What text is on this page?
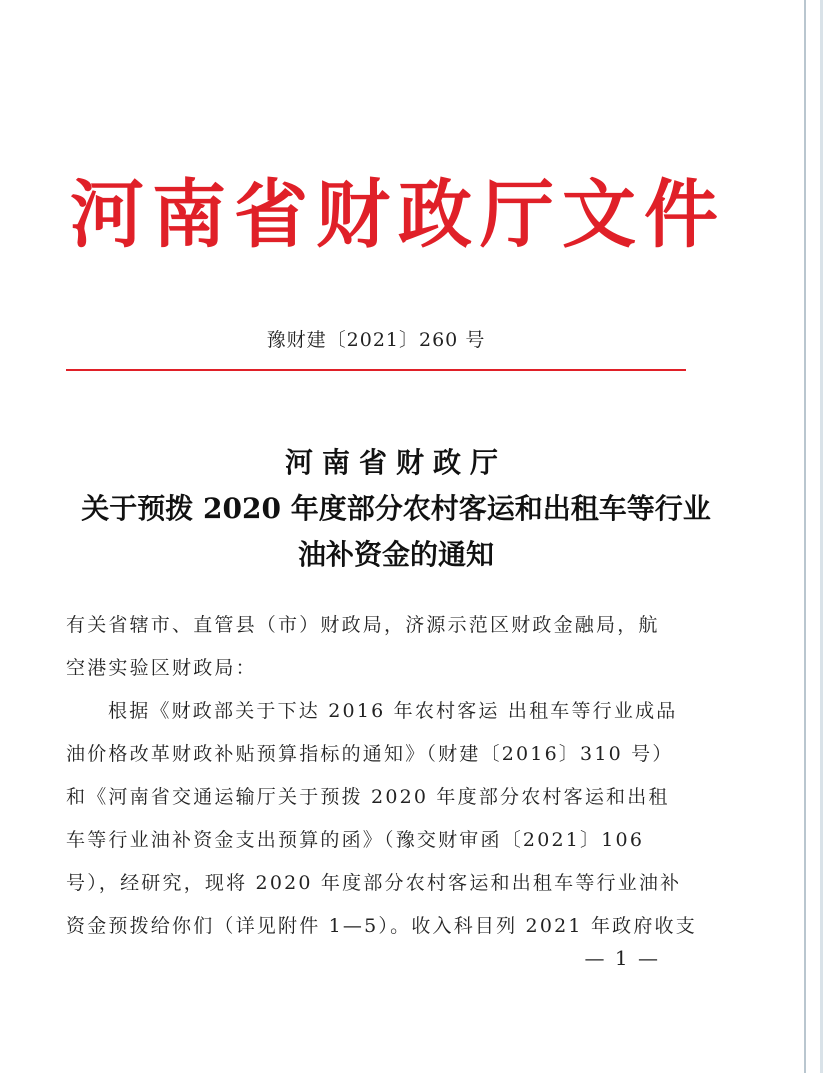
河南省财政厅文件
豫财建〔2021〕260 号
河南省财政厅
关于预拨 2020 年度部分农村客运和出租车等行业
油补资金的通知
有关省辖市、直管县（市）财政局，济源示范区财政金融局，航
空港实验区财政局：
根据《财政部关于下达 2016 年农村客运 出租车等行业成品
油价格改革财政补贴预算指标的通知》（财建〔2016〕310 号）
和《河南省交通运输厅关于预拨 2020 年度部分农村客运和出租
车等行业油补资金支出预算的函》（豫交财审函〔2021〕106
号），经研究，现将 2020 年度部分农村客运和出租车等行业油补
资金预拨给你们（详见附件 1—5）。收入科目列 2021 年政府收支
— 1 —
